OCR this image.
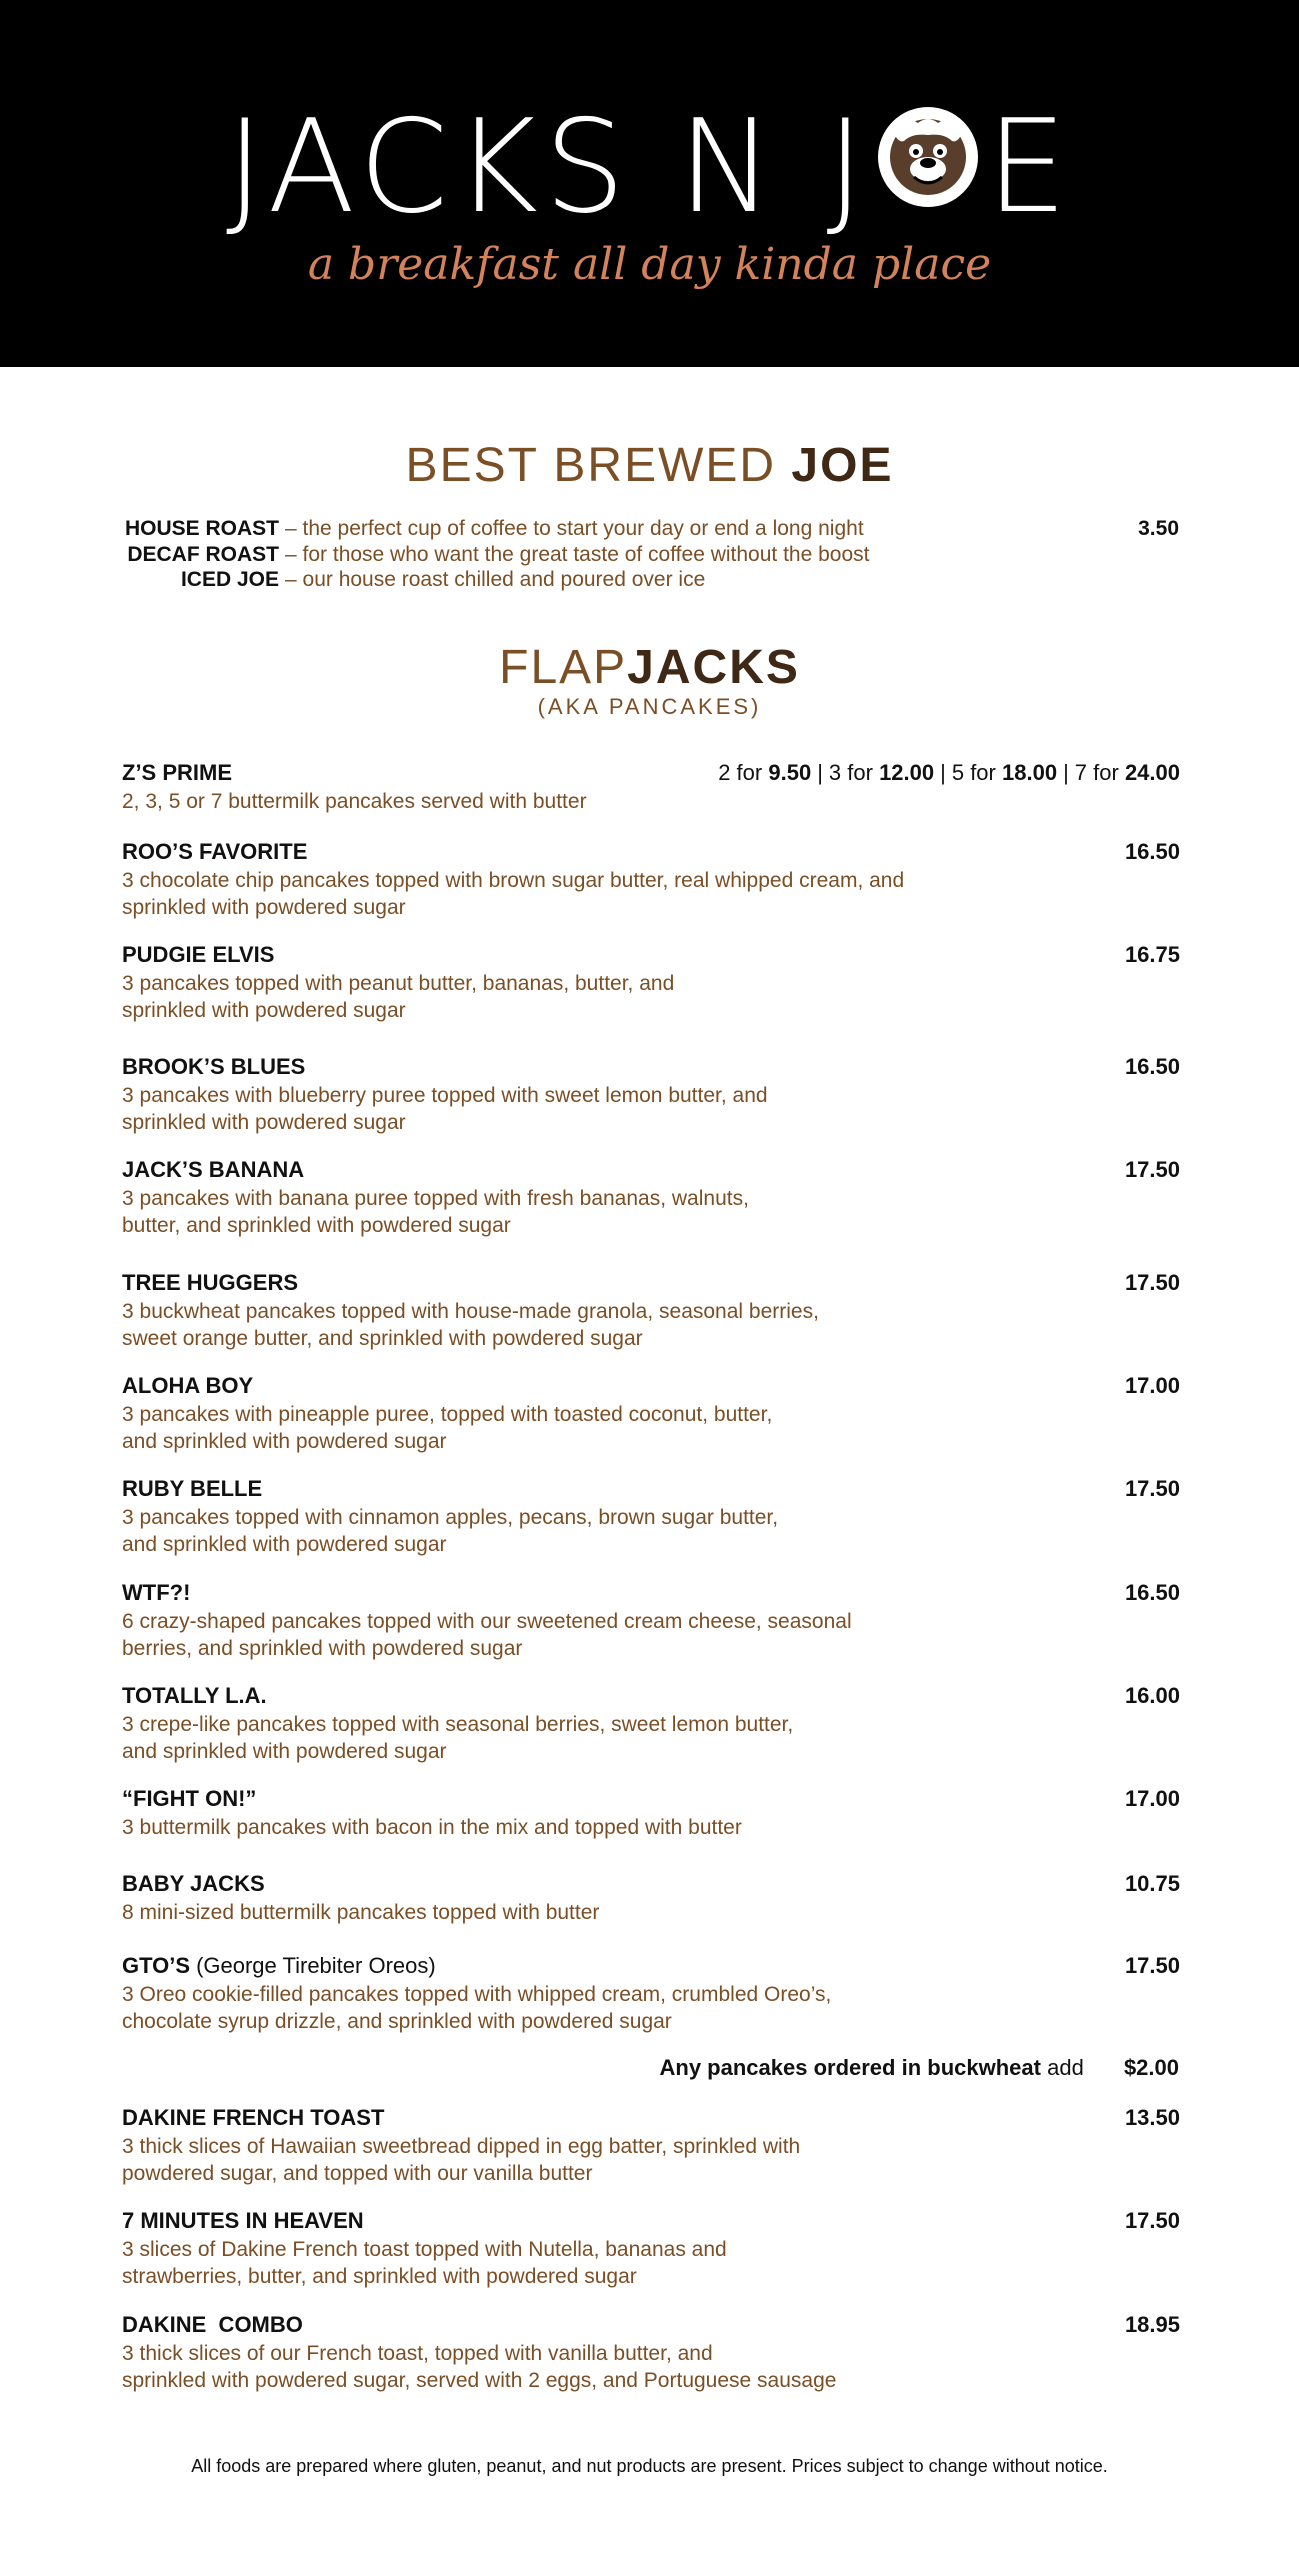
JACKS N J E
a breakfast all day kinda place
BEST BREWED JOE
HOUSE ROAST – the perfect cup of coffee to start your day or end a long night	3.50
DECAF ROAST – for those who want the great taste of coffee without the boost
ICED JOE – our house roast chilled and poured over ice
FLAPJACKS
(AKA PANCAKES)
Z’S PRIME
2, 3, 5 or 7 buttermilk pancakes served with butter
2 for 9.50 | 3 for 12.00 | 5 for 18.00 | 7 for 24.00
ROO’S FAVORITE
3 chocolate chip pancakes topped with brown sugar butter, real whipped cream, and
sprinkled with powdered sugar
16.50
PUDGIE ELVIS
3 pancakes topped with peanut butter, bananas, butter, and
sprinkled with powdered sugar
16.75
BROOK’S BLUES
3 pancakes with blueberry puree topped with sweet lemon butter, and
sprinkled with powdered sugar
16.50
JACK’S BANANA
3 pancakes with banana puree topped with fresh bananas, walnuts,
butter, and sprinkled with powdered sugar
17.50
TREE HUGGERS
3 buckwheat pancakes topped with house-made granola, seasonal berries,
sweet orange butter, and sprinkled with powdered sugar
17.50
ALOHA BOY
3 pancakes with pineapple puree, topped with toasted coconut, butter,
and sprinkled with powdered sugar
17.00
RUBY BELLE
3 pancakes topped with cinnamon apples, pecans, brown sugar butter,
and sprinkled with powdered sugar
17.50
WTF?!
6 crazy-shaped pancakes topped with our sweetened cream cheese, seasonal
berries, and sprinkled with powdered sugar
16.50
TOTALLY L.A.
3 crepe-like pancakes topped with seasonal berries, sweet lemon butter,
and sprinkled with powdered sugar
16.00
“FIGHT ON!”
3 buttermilk pancakes with bacon in the mix and topped with butter
17.00
BABY JACKS
8 mini-sized buttermilk pancakes topped with butter
10.75
GTO’S (George Tirebiter Oreos)
3 Oreo cookie-filled pancakes topped with whipped cream, crumbled Oreo’s,
chocolate syrup drizzle, and sprinkled with powdered sugar
17.50
Any pancakes ordered in buckwheat add $2.00
DAKINE FRENCH TOAST
3 thick slices of Hawaiian sweetbread dipped in egg batter, sprinkled with
powdered sugar, and topped with our vanilla butter
13.50
7 MINUTES IN HEAVEN
3 slices of Dakine French toast topped with Nutella, bananas and
strawberries, butter, and sprinkled with powdered sugar
17.50
DAKINE  COMBO
3 thick slices of our French toast, topped with vanilla butter, and
sprinkled with powdered sugar, served with 2 eggs, and Portuguese sausage
18.95
All foods are prepared where gluten, peanut, and nut products are present. Prices subject to change without notice.
